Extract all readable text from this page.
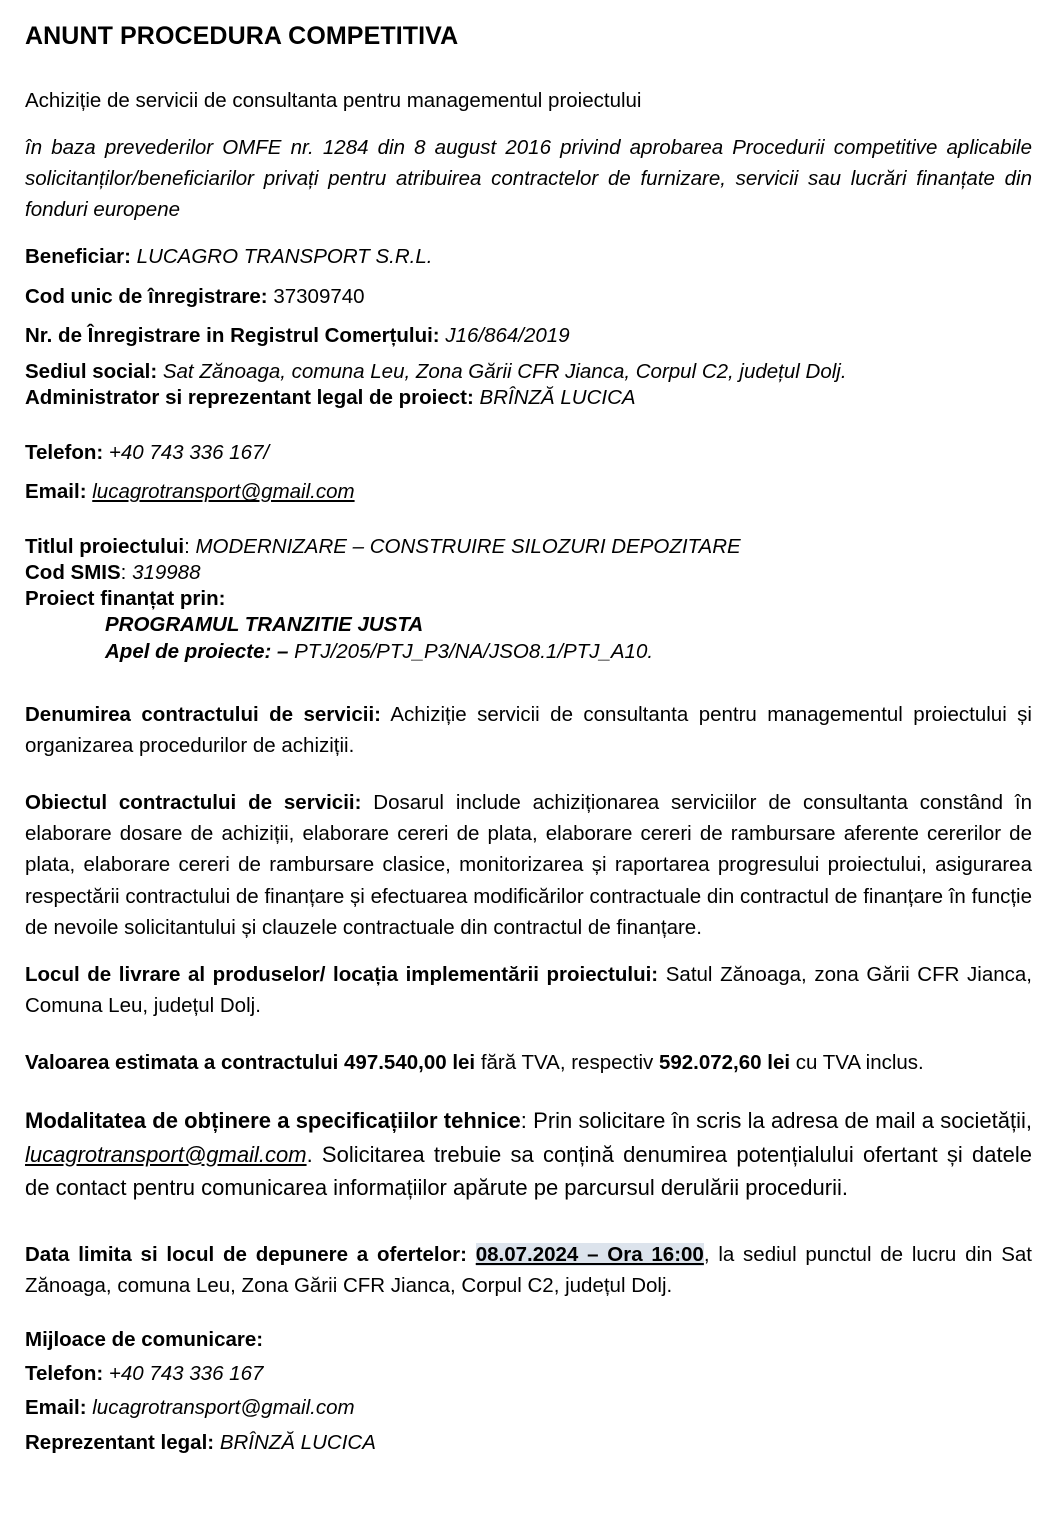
ANUNT PROCEDURA COMPETITIVA

Achiziție de servicii de consultanta pentru managementul proiectului

în baza prevederilor OMFE nr. 1284 din 8 august 2016 privind aprobarea Procedurii competitive aplicabile solicitanților/beneficiarilor privați pentru atribuirea contractelor de furnizare, servicii sau lucrări finanțate din fonduri europene

Beneficiar: LUCAGRO TRANSPORT S.R.L.

Cod unic de înregistrare: 37309740

Nr. de Înregistrare in Registrul Comerțului: J16/864/2019

Sediul social: Sat Zănoaga, comuna Leu, Zona Gării CFR Jianca, Corpul C2, județul Dolj.

Administrator si reprezentant legal de proiect: BRÎNZĂ LUCICA

Telefon: +40 743 336 167/

Email: lucagrotransport@gmail.com

Titlul proiectului: MODERNIZARE – CONSTRUIRE SILOZURI DEPOZITARE

Cod SMIS: 319988

Proiect finanțat prin:

PROGRAMUL TRANZITIE JUSTA

Apel de proiecte: – PTJ/205/PTJ_P3/NA/JSO8.1/PTJ_A10.

Denumirea contractului de servicii: Achiziție servicii de consultanta pentru managementul proiectului și organizarea procedurilor de achiziții.

Obiectul contractului de servicii: Dosarul include achiziționarea serviciilor de consultanta constând în elaborare dosare de achiziții, elaborare cereri de plata, elaborare cereri de rambursare aferente cererilor de plata, elaborare cereri de rambursare clasice, monitorizarea și raportarea progresului proiectului, asigurarea respectării contractului de finanțare și efectuarea modificărilor contractuale din contractul de finanțare în funcție de nevoile solicitantului și clauzele contractuale din contractul de finanțare.

Locul de livrare al produselor/ locația implementării proiectului: Satul Zănoaga, zona Gării CFR Jianca, Comuna Leu, județul Dolj.

Valoarea estimata a contractului 497.540,00 lei fără TVA, respectiv 592.072,60 lei cu TVA inclus.

Modalitatea de obținere a specificațiilor tehnice: Prin solicitare în scris la adresa de mail a societății, lucagrotransport@gmail.com. Solicitarea trebuie sa conțină denumirea potențialului ofertant și datele de contact pentru comunicarea informațiilor apărute pe parcursul derulării procedurii.

Data limita si locul de depunere a ofertelor: 08.07.2024 – Ora 16:00, la sediul punctul de lucru din Sat Zănoaga, comuna Leu, Zona Gării CFR Jianca, Corpul C2, județul Dolj.

Mijloace de comunicare:

Telefon: +40 743 336 167

Email: lucagrotransport@gmail.com

Reprezentant legal: BRÎNZĂ LUCICA
